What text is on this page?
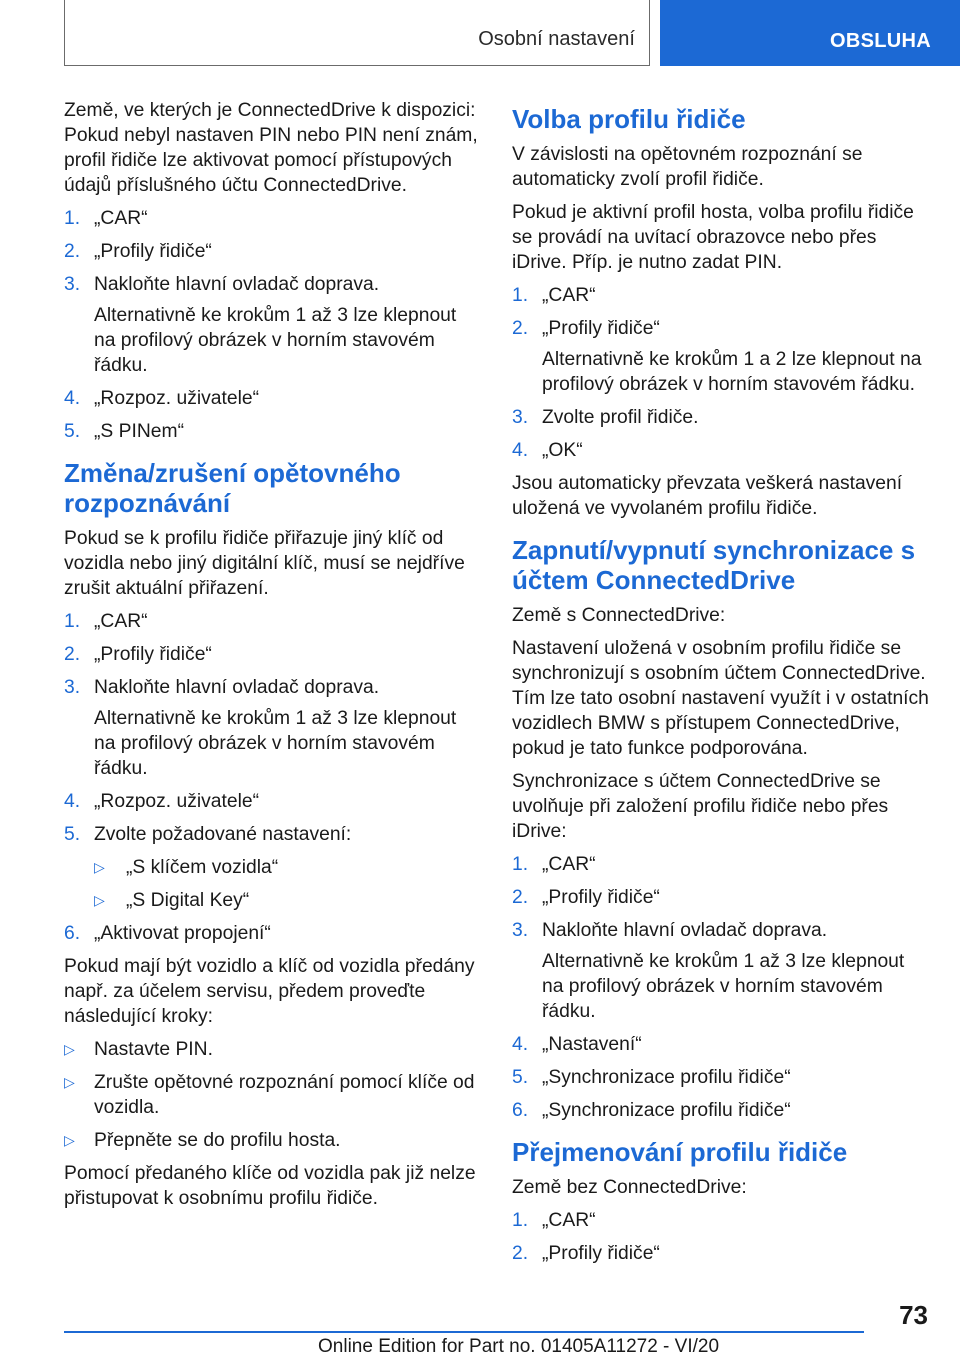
Osobní nastavení	OBSLUHA

Země, ve kterých je ConnectedDrive k dispozici: Pokud nebyl nastaven PIN nebo PIN není znám, profil řidiče lze aktivovat pomocí přístupových údajů příslušného účtu ConnectedDrive.

1. „CAR“
2. „Profily řidiče“
3. Nakloňte hlavní ovladač doprava.
Alternativně ke krokům 1 až 3 lze klepnout na profilový obrázek v horním stavovém řádku.
4. „Rozpoz. uživatele“
5. „S PINem“
Změna/zrušení opětovného rozpoznávání

Pokud se k profilu řidiče přiřazuje jiný klíč od vozidla nebo jiný digitální klíč, musí se nejdříve zrušit aktuální přiřazení.

1. „CAR“
2. „Profily řidiče“
3. Nakloňte hlavní ovladač doprava.
Alternativně ke krokům 1 až 3 lze klepnout na profilový obrázek v horním stavovém řádku.
4. „Rozpoz. uživatele“
5. Zvolte požadované nastavení:
▷ „S klíčem vozidla“
▷ „S Digital Key“
6. „Aktivovat propojení“

Pokud mají být vozidlo a klíč od vozidla předány např. za účelem servisu, předem proveďte následující kroky:

▷ Nastavte PIN.
▷ Zrušte opětovné rozpoznání pomocí klíče od vozidla.
▷ Přepněte se do profilu hosta.

Pomocí předaného klíče od vozidla pak již nelze přistupovat k osobnímu profilu řidiče.

Volba profilu řidiče

V závislosti na opětovném rozpoznání se automaticky zvolí profil řidiče.

Pokud je aktivní profil hosta, volba profilu řidiče se provádí na uvítací obrazovce nebo přes iDrive. Příp. je nutno zadat PIN.

1. „CAR“
2. „Profily řidiče“
Alternativně ke krokům 1 a 2 lze klepnout na profilový obrázek v horním stavovém řádku.
3. Zvolte profil řidiče.
4. „OK“

Jsou automaticky převzata veškerá nastavení uložená ve vyvolaném profilu řidiče.

Zapnutí/vypnutí synchronizace s účtem ConnectedDrive

Země s ConnectedDrive:

Nastavení uložená v osobním profilu řidiče se synchronizují s osobním účtem ConnectedDrive. Tím lze tato osobní nastavení využít i v ostatních vozidlech BMW s přístupem ConnectedDrive, pokud je tato funkce podporována.

Synchronizace s účtem ConnectedDrive se uvolňuje při založení profilu řidiče nebo přes iDrive:

1. „CAR“
2. „Profily řidiče“
3. Nakloňte hlavní ovladač doprava.
Alternativně ke krokům 1 až 3 lze klepnout na profilový obrázek v horním stavovém řádku.
4. „Nastavení“
5. „Synchronizace profilu řidiče“
6. „Synchronizace profilu řidiče“
Přejmenování profilu řidiče

Země bez ConnectedDrive:

1. „CAR“
2. „Profily řidiče“
73
Online Edition for Part no. 01405A11272 - VI/20
